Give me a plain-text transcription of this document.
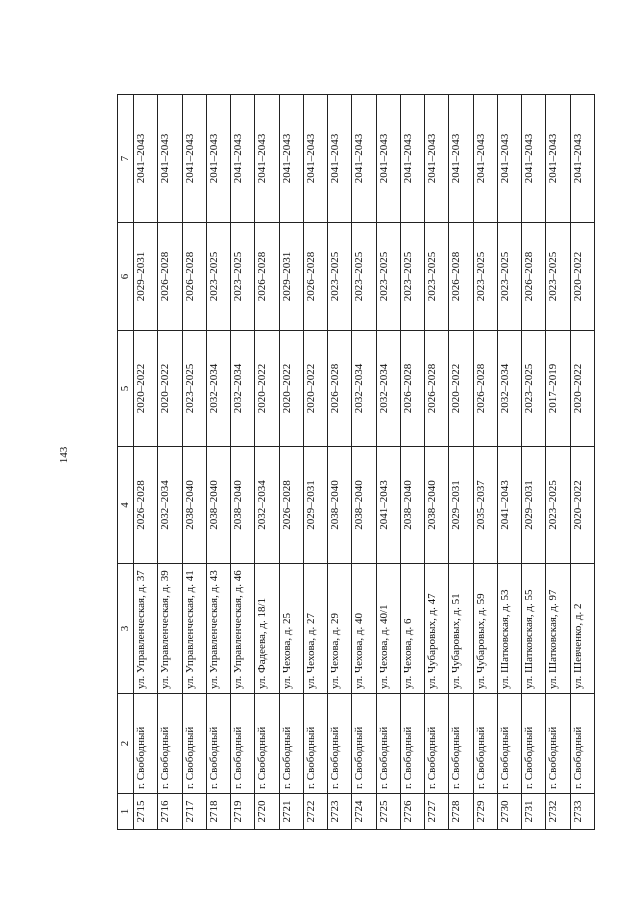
143
1	2	3	4	5	6	7
2715	г. Свободный	ул. Управленческая, д. 37	2026–2028	2020–2022	2029–2031	2041–2043
2716	г. Свободный	ул. Управленческая, д. 39	2032–2034	2020–2022	2026–2028	2041–2043
2717	г. Свободный	ул. Управленческая, д. 41	2038–2040	2023–2025	2026–2028	2041–2043
2718	г. Свободный	ул. Управленческая, д. 43	2038–2040	2032–2034	2023–2025	2041–2043
2719	г. Свободный	ул. Управленческая, д. 46	2038–2040	2032–2034	2023–2025	2041–2043
2720	г. Свободный	ул. Фадеева, д. 18/1	2032–2034	2020–2022	2026–2028	2041–2043
2721	г. Свободный	ул. Чехова, д. 25	2026–2028	2020–2022	2029–2031	2041–2043
2722	г. Свободный	ул. Чехова, д. 27	2029–2031	2020–2022	2026–2028	2041–2043
2723	г. Свободный	ул. Чехова, д. 29	2038–2040	2026–2028	2023–2025	2041–2043
2724	г. Свободный	ул. Чехова, д. 40	2038–2040	2032–2034	2023–2025	2041–2043
2725	г. Свободный	ул. Чехова, д. 40/1	2041–2043	2032–2034	2023–2025	2041–2043
2726	г. Свободный	ул. Чехова, д. 6	2038–2040	2026–2028	2023–2025	2041–2043
2727	г. Свободный	ул. Чубаровых, д. 47	2038–2040	2026–2028	2023–2025	2041–2043
2728	г. Свободный	ул. Чубаровых, д. 51	2029–2031	2020–2022	2026–2028	2041–2043
2729	г. Свободный	ул. Чубаровых, д. 59	2035–2037	2026–2028	2023–2025	2041–2043
2730	г. Свободный	ул. Шатковская, д. 53	2041–2043	2032–2034	2023–2025	2041–2043
2731	г. Свободный	ул. Шатковская, д. 55	2029–2031	2023–2025	2026–2028	2041–2043
2732	г. Свободный	ул. Шатковская, д. 97	2023–2025	2017–2019	2023–2025	2041–2043
2733	г. Свободный	ул. Шевченко, д. 2	2020–2022	2020–2022	2020–2022	2041–2043
